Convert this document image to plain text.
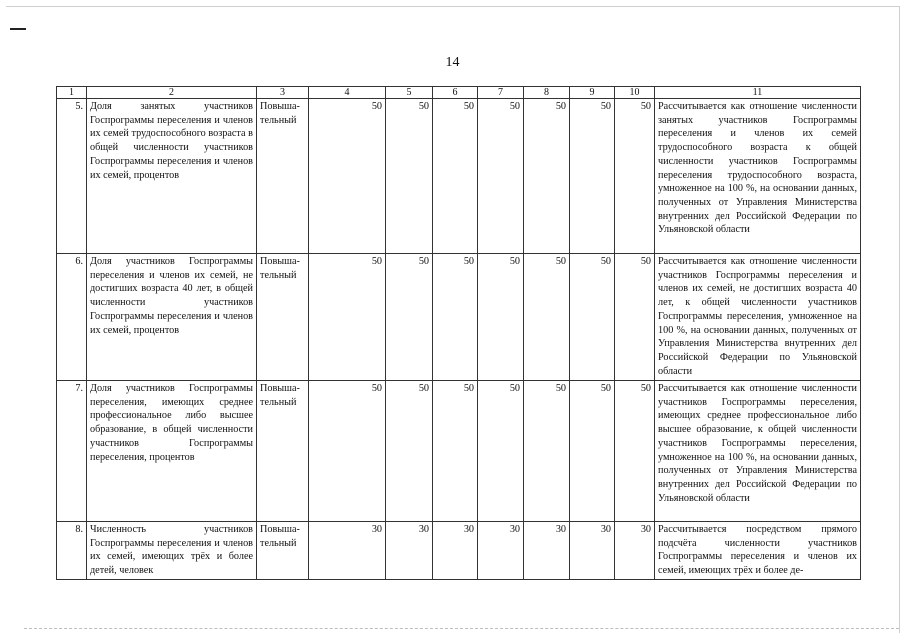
14
1	2	3	4	5	6	7	8	9	10	11
5.	Доля занятых участников Госпрограммы переселения и членов их семей трудоспособного возраста в общей численности участников Госпрограммы переселения и членов их семей, процентов	Повыша-тельный	50	50	50	50	50	50	50	Рассчитывается как отношение численности занятых участников Госпрограммы переселения и членов их семей трудоспособного возраста к общей численности участников Госпрограммы переселения трудоспособного возраста, умноженное на 100 %, на основании данных, полученных от Управления Министерства внутренних дел Российской Федерации по Ульяновской области
6.	Доля участников Госпрограммы переселения и членов их семей, не достигших возраста 40 лет, в общей численности участников Госпрограммы переселения и членов их семей, процентов	Повыша-тельный	50	50	50	50	50	50	50	Рассчитывается как отношение численности участников Госпрограммы переселения и членов их семей, не достигших возраста 40 лет, к общей численности участников Госпрограммы переселения, умноженное на 100 %, на основании данных, полученных от Управления Министерства внутренних дел Российской Федерации по Ульяновской области
7.	Доля участников Госпрограммы переселения, имеющих среднее профессиональное либо высшее образование, в общей численности участников Госпрограммы переселения, процентов	Повыша-тельный	50	50	50	50	50	50	50	Рассчитывается как отношение численности участников Госпрограммы переселения, имеющих среднее профессиональное либо высшее образование, к общей численности участников Госпрограммы переселения, умноженное на 100 %, на основании данных, полученных от Управления Министерства внутренних дел Российской Федерации по Ульяновской области
8.	Численность участников Госпрограммы переселения и членов их семей, имеющих трёх и более детей, человек	Повыша-тельный	30	30	30	30	30	30	30	Рассчитывается посредством прямого подсчёта численности участников Госпрограммы переселения и членов их семей, имеющих трёх и более де-
